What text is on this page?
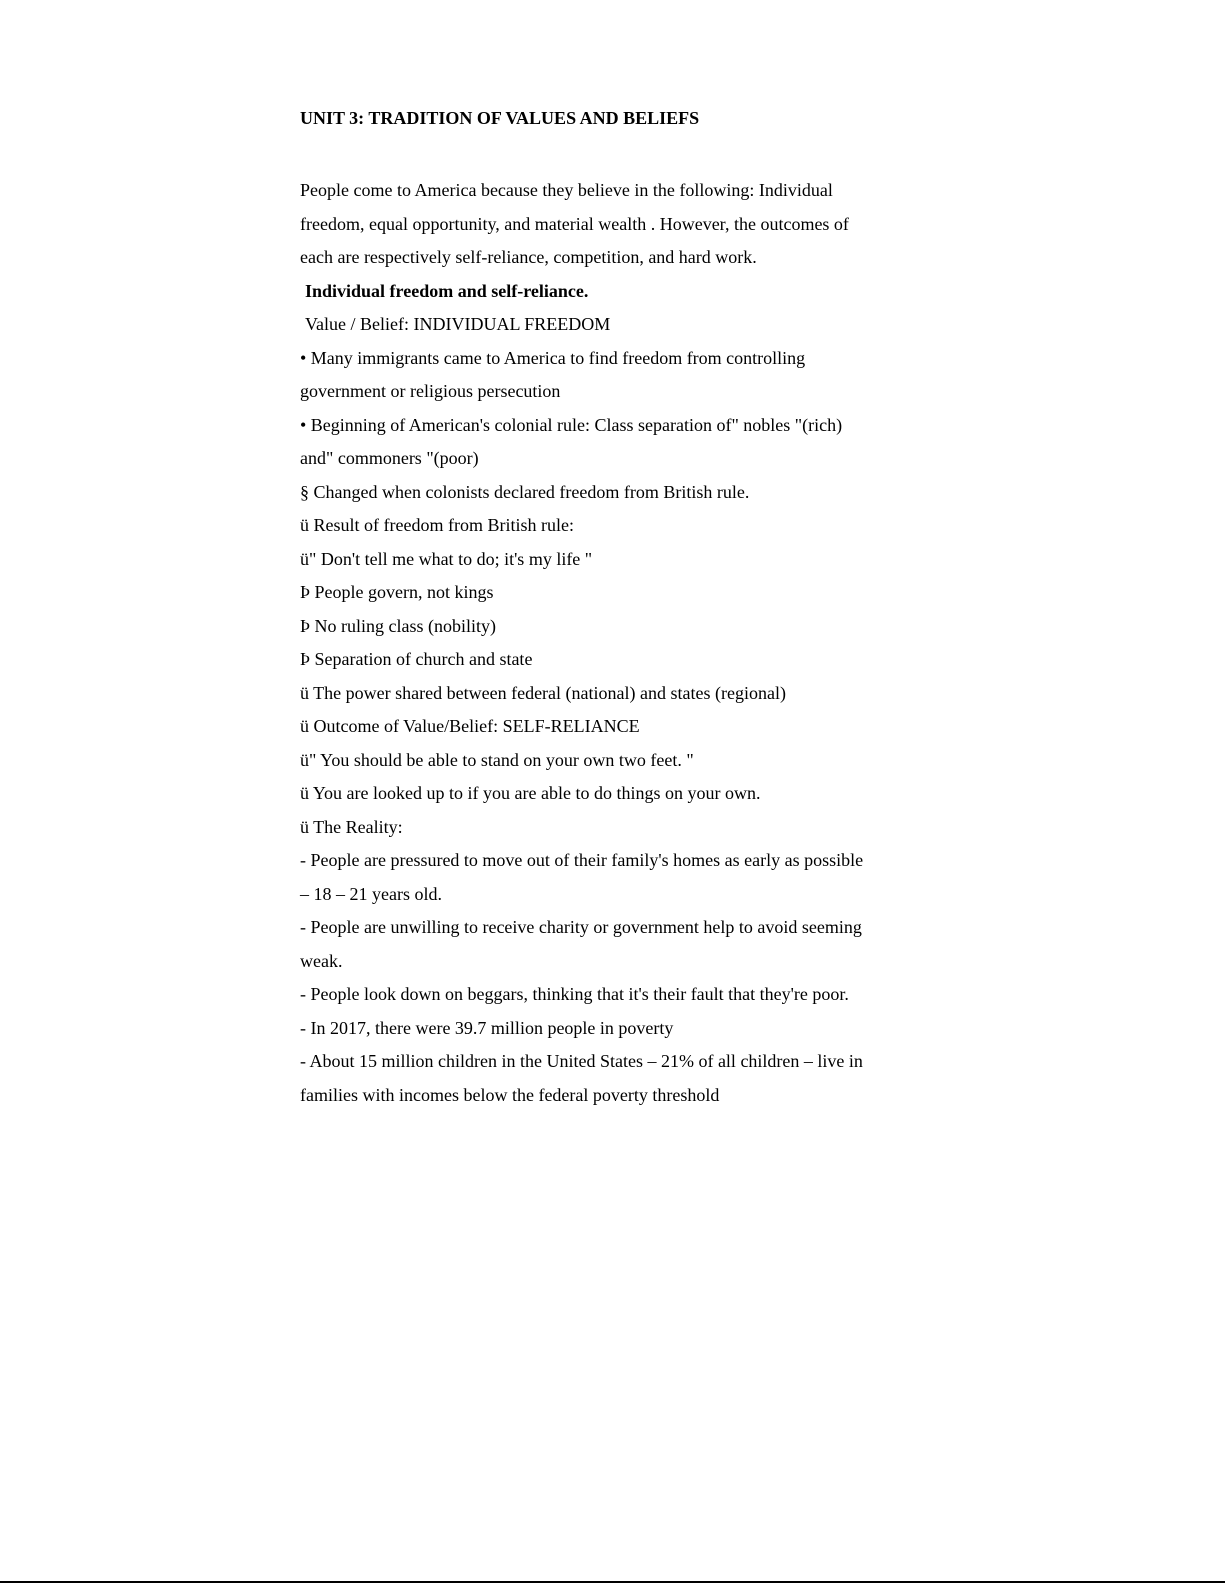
UNIT 3: TRADITION OF VALUES AND BELIEFS

People come to America because they believe in the following: Individual

freedom, equal opportunity, and material wealth . However, the outcomes of

each are respectively self-reliance, competition, and hard work.

Individual freedom and self-reliance.

Value / Belief: INDIVIDUAL FREEDOM

• Many immigrants came to America to find freedom from controlling

government or religious persecution

• Beginning of American's colonial rule: Class separation of" nobles "(rich)

and" commoners "(poor)

§ Changed when colonists declared freedom from British rule.

ü Result of freedom from British rule:

ü" Don't tell me what to do; it's my life "

Þ People govern, not kings

Þ No ruling class (nobility)

Þ Separation of church and state

ü The power shared between federal (national) and states (regional)

ü Outcome of Value/Belief: SELF-RELIANCE

ü" You should be able to stand on your own two feet. "

ü You are looked up to if you are able to do things on your own.

ü The Reality:

- People are pressured to move out of their family's homes as early as possible

– 18 – 21 years old.

- People are unwilling to receive charity or government help to avoid seeming

weak.

- People look down on beggars, thinking that it's their fault that they're poor.

- In 2017, there were 39.7 million people in poverty

- About 15 million children in the United States – 21% of all children – live in

families with incomes below the federal poverty threshold
